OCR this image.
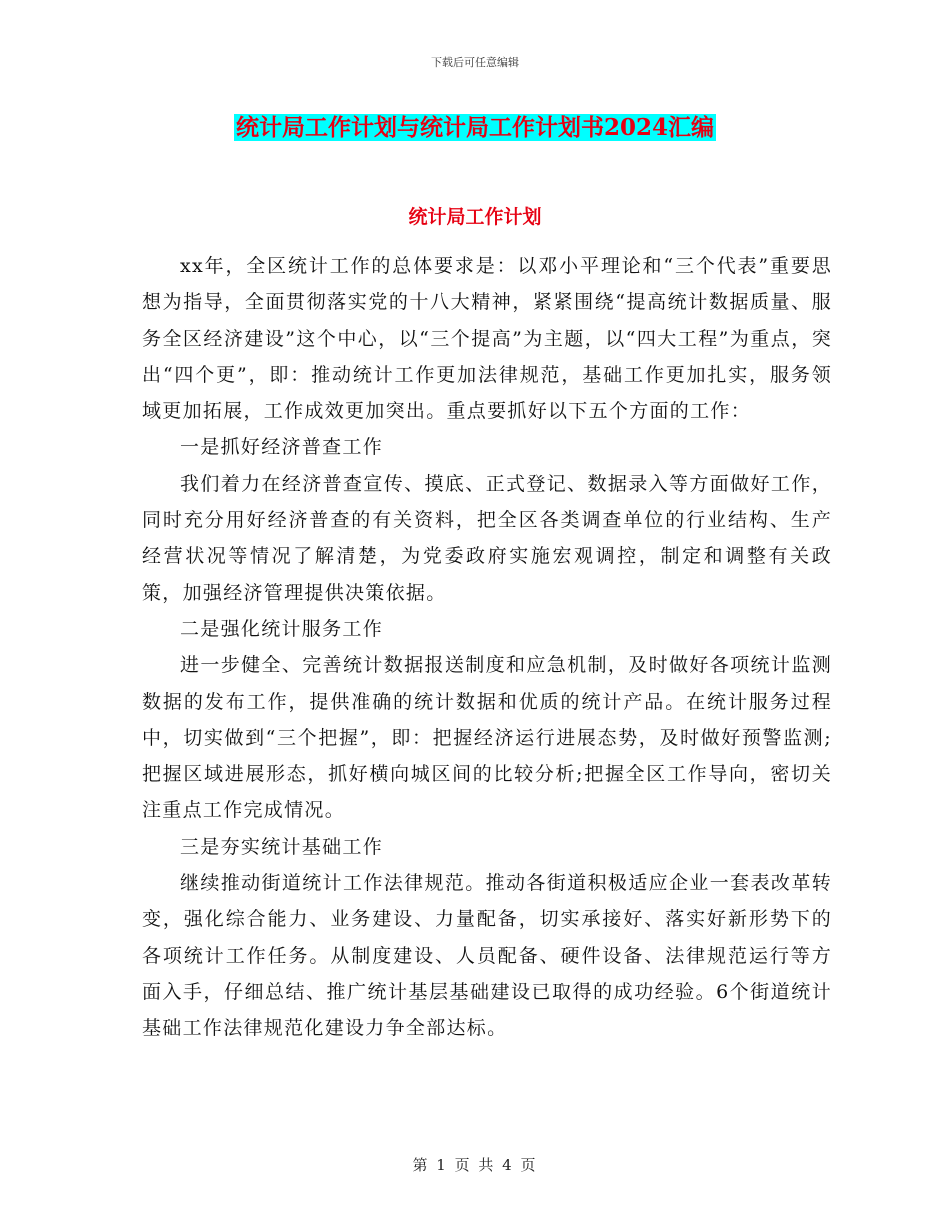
下载后可任意编辑
统计局工作计划与统计局工作计划书2024汇编
统计局工作计划

xx年，全区统计工作的总体要求是：以邓小平理论和“三个代表”重要思想为指导，全面贯彻落实党的十八大精神，紧紧围绕“提高统计数据质量、服务全区经济建设”这个中心，以“三个提高”为主题，以“四大工程”为重点，突出“四个更”，即：推动统计工作更加法律规范，基础工作更加扎实，服务领域更加拓展，工作成效更加突出。重点要抓好以下五个方面的工作：

一是抓好经济普查工作

我们着力在经济普查宣传、摸底、正式登记、数据录入等方面做好工作，同时充分用好经济普查的有关资料，把全区各类调查单位的行业结构、生产经营状况等情况了解清楚，为党委政府实施宏观调控，制定和调整有关政策，加强经济管理提供决策依据。

二是强化统计服务工作

进一步健全、完善统计数据报送制度和应急机制，及时做好各项统计监测数据的发布工作，提供准确的统计数据和优质的统计产品。在统计服务过程中，切实做到“三个把握”，即：把握经济运行进展态势，及时做好预警监测;把握区域进展形态，抓好横向城区间的比较分析;把握全区工作导向，密切关注重点工作完成情况。

三是夯实统计基础工作

继续推动街道统计工作法律规范。推动各街道积极适应企业一套表改革转变，强化综合能力、业务建设、力量配备，切实承接好、落实好新形势下的各项统计工作任务。从制度建设、人员配备、硬件设备、法律规范运行等方面入手，仔细总结、推广统计基层基础建设已取得的成功经验。6个街道统计基础工作法律规范化建设力争全部达标。

第 1 页 共 4 页
